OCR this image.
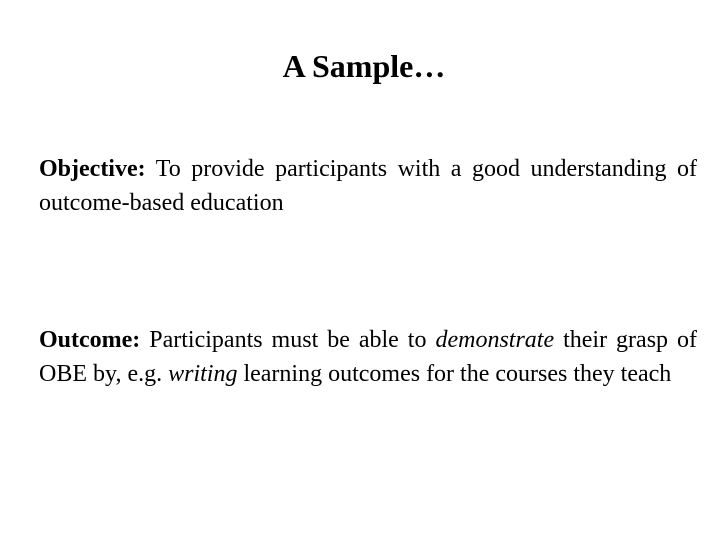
A Sample…

Objective: To provide participants with a good understanding of outcome-based education

Outcome: Participants must be able to demonstrate their grasp of OBE by, e.g. writing learning outcomes for the courses they teach
